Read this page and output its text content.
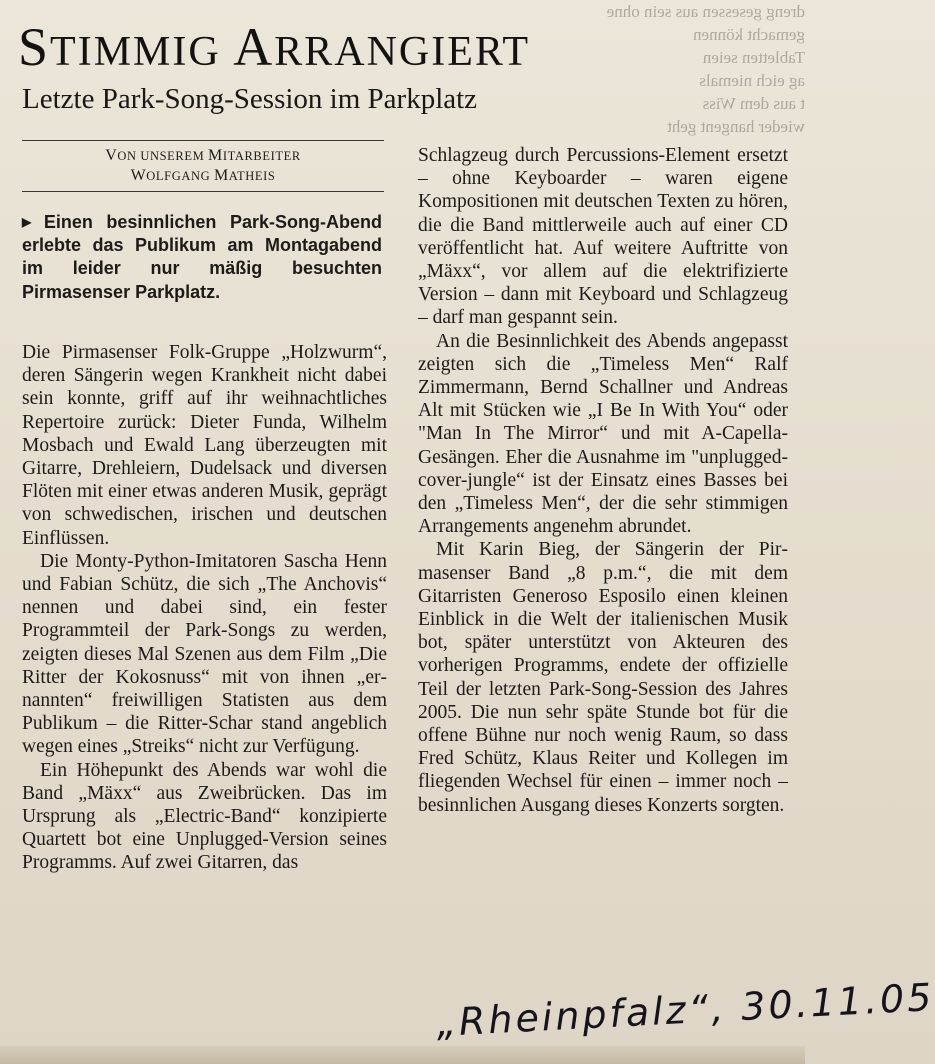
dreng gesessen aus sein ohne
gemacht können
Tabletten seien
ag eich niemals
t aus dem Wiss
wieder hangent geht
STIMMIG ARRANGIERT
Letzte Park-Song-Session im Parkplatz
VON UNSEREM MITARBEITER
WOLFGANG MATHEIS

▶ Einen besinnlichen Park-Song-Abend erlebte das Publikum am Montagabend im leider nur mäßig besuchten Pirmasenser Parkplatz.

Die Pirmasenser Folk-Gruppe „Holzwurm“, deren Sängerin wegen Krankheit nicht dabei sein konnte, griff auf ihr weihnachtliches Repertoire zurück: Dieter Funda, Wilhelm Mosbach und Ewald Lang überzeugten mit Gitarre, Drehleiern, Dudelsack und diversen Flöten mit einer etwas anderen Musik, geprägt von schwedischen, irischen und deutschen Einflüssen.

Die Monty-Python-Imitatoren Sascha Henn und Fabian Schütz, die sich „The Anchovis“ nennen und dabei sind, ein fester Programmteil der Park-Songs zu werden, zeigten dieses Mal Szenen aus dem Film „Die Ritter der Kokosnuss“ mit von ihnen „ernannten“ freiwilligen Statisten aus dem Publikum – die Ritter-Schar stand angeblich wegen eines „Streiks“ nicht zur Verfügung.

Ein Höhepunkt des Abends war wohl die Band „Mäxx“ aus Zweibrücken. Das im Ursprung als „Electric-Band“ konzipierte Quartett bot eine Unplugged-Version seines Programms. Auf zwei Gitarren, das

Schlagzeug durch Percussions-Element ersetzt – ohne Keyboarder – waren eigene Kompositionen mit deutschen Texten zu hören, die die Band mittlerweile auch auf einer CD veröffentlicht hat. Auf weitere Auftritte von „Mäxx“, vor allem auf die elektrifizierte Version – dann mit Keyboard und Schlagzeug – darf man gespannt sein.

An die Besinnlichkeit des Abends angepasst zeigten sich die „Timeless Men“ Ralf Zimmermann, Bernd Schallner und Andreas Alt mit Stücken wie „I Be In With You“ oder "Man In The Mirror“ und mit A-Capella-Gesängen. Eher die Ausnahme im "unplugged-cover-jungle“ ist der Einsatz eines Basses bei den „Timeless Men“, der die sehr stimmigen Arrangements angenehm abrundet.

Mit Karin Bieg, der Sängerin der Pirmasenser Band „8 p.m.“, die mit dem Gitarristen Generoso Esposilo einen kleinen Einblick in die Welt der italienischen Musik bot, später unterstützt von Akteuren des vorherigen Programms, endete der offizielle Teil der letzten Park-Song-Session des Jahres 2005. Die nun sehr späte Stunde bot für die offene Bühne nur noch wenig Raum, so dass Fred Schütz, Klaus Reiter und Kollegen im fliegenden Wechsel für einen – immer noch – besinnlichen Ausgang dieses Konzerts sorgten.

„Rheinpfalz“, 30.11.05
